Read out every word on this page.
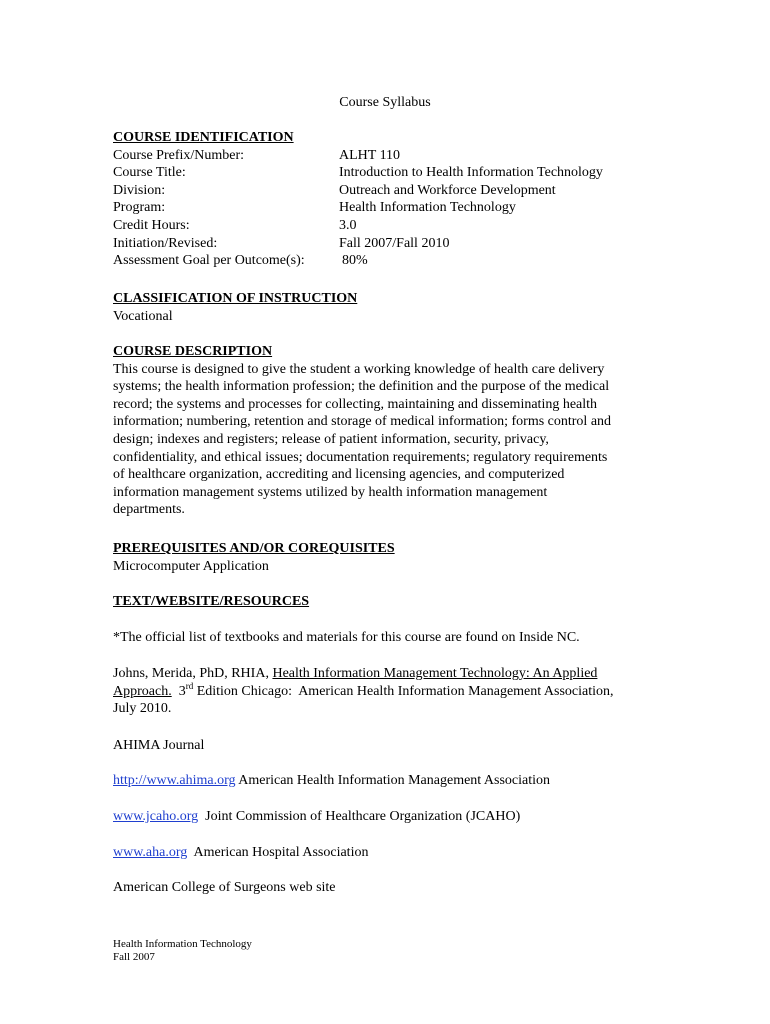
Course Syllabus
COURSE IDENTIFICATION
Course Prefix/Number:	ALHT 110
Course Title:	Introduction to Health Information Technology
Division:	Outreach and Workforce Development
Program:	Health Information Technology
Credit Hours:	3.0
Initiation/Revised:	Fall 2007/Fall 2010
Assessment Goal per Outcome(s):	80%
CLASSIFICATION OF INSTRUCTION
Vocational
COURSE DESCRIPTION
This course is designed to give the student a working knowledge of health care delivery
systems; the health information profession; the definition and the purpose of the medical
record; the systems and processes for collecting, maintaining and disseminating health
information; numbering, retention and storage of medical information; forms control and
design; indexes and registers; release of patient information, security, privacy,
confidentiality, and ethical issues; documentation requirements; regulatory requirements
of healthcare organization, accrediting and licensing agencies, and computerized
information management systems utilized by health information management
departments.
PREREQUISITES AND/OR COREQUISITES
Microcomputer Application
TEXT/WEBSITE/RESOURCES
*The official list of textbooks and materials for this course are found on Inside NC.
Johns, Merida, PhD, RHIA, Health Information Management Technology: An Applied
Approach.  3rd Edition Chicago:  American Health Information Management Association,
July 2010.
AHIMA Journal
http://www.ahima.org American Health Information Management Association
www.jcaho.org  Joint Commission of Healthcare Organization (JCAHO)
www.aha.org  American Hospital Association
American College of Surgeons web site
Health Information Technology
Fall 2007
